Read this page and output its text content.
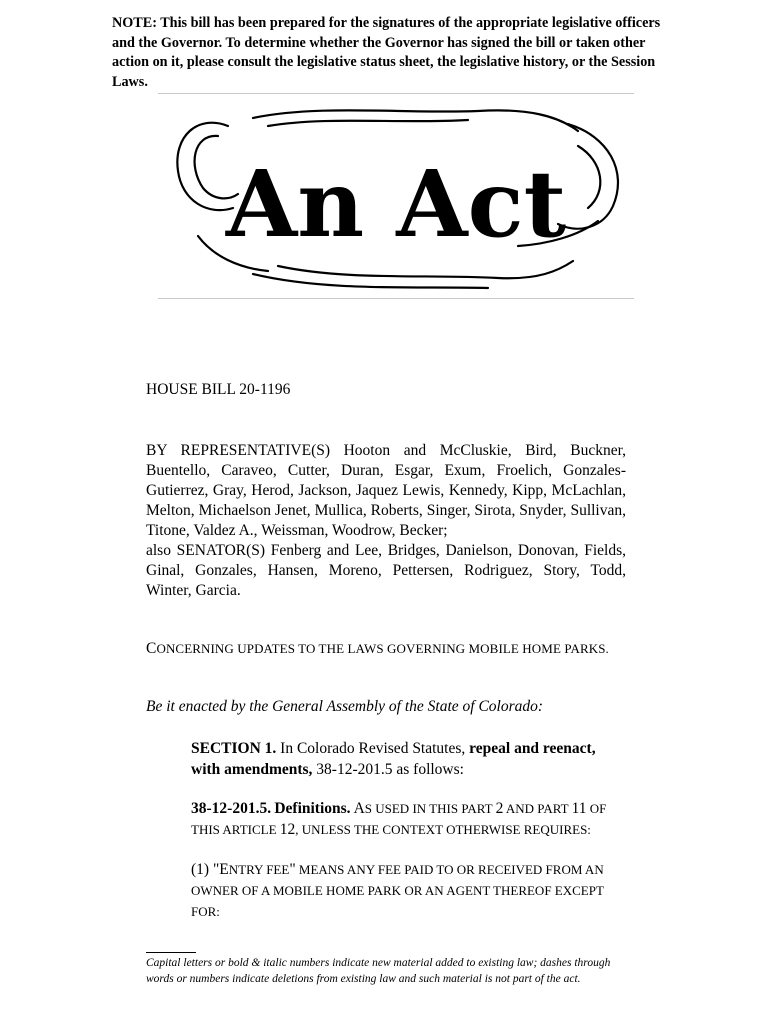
NOTE: This bill has been prepared for the signatures of the appropriate legislative officers and the Governor. To determine whether the Governor has signed the bill or taken other action on it, please consult the legislative status sheet, the legislative history, or the Session Laws.
An Act
HOUSE BILL 20-1196

BY REPRESENTATIVE(S) Hooton and McCluskie, Bird, Buckner, Buentello, Caraveo, Cutter, Duran, Esgar, Exum, Froelich, Gonzales-Gutierrez, Gray, Herod, Jackson, Jaquez Lewis, Kennedy, Kipp, McLachlan, Melton, Michaelson Jenet, Mullica, Roberts, Singer, Sirota, Snyder, Sullivan, Titone, Valdez A., Weissman, Woodrow, Becker;

also SENATOR(S) Fenberg and Lee, Bridges, Danielson, Donovan, Fields, Ginal, Gonzales, Hansen, Moreno, Pettersen, Rodriguez, Story, Todd, Winter, Garcia.

CONCERNING UPDATES TO THE LAWS GOVERNING MOBILE HOME PARKS.
Be it enacted by the General Assembly of the State of Colorado:
SECTION 1. In Colorado Revised Statutes, repeal and reenact, with amendments, 38-12-201.5 as follows:
38-12-201.5. Definitions. AS USED IN THIS PART 2 AND PART 11 OF THIS ARTICLE 12, UNLESS THE CONTEXT OTHERWISE REQUIRES:
(1) "ENTRY FEE" MEANS ANY FEE PAID TO OR RECEIVED FROM AN OWNER OF A MOBILE HOME PARK OR AN AGENT THEREOF EXCEPT FOR:
Capital letters or bold & italic numbers indicate new material added to existing law; dashes through words or numbers indicate deletions from existing law and such material is not part of the act.
